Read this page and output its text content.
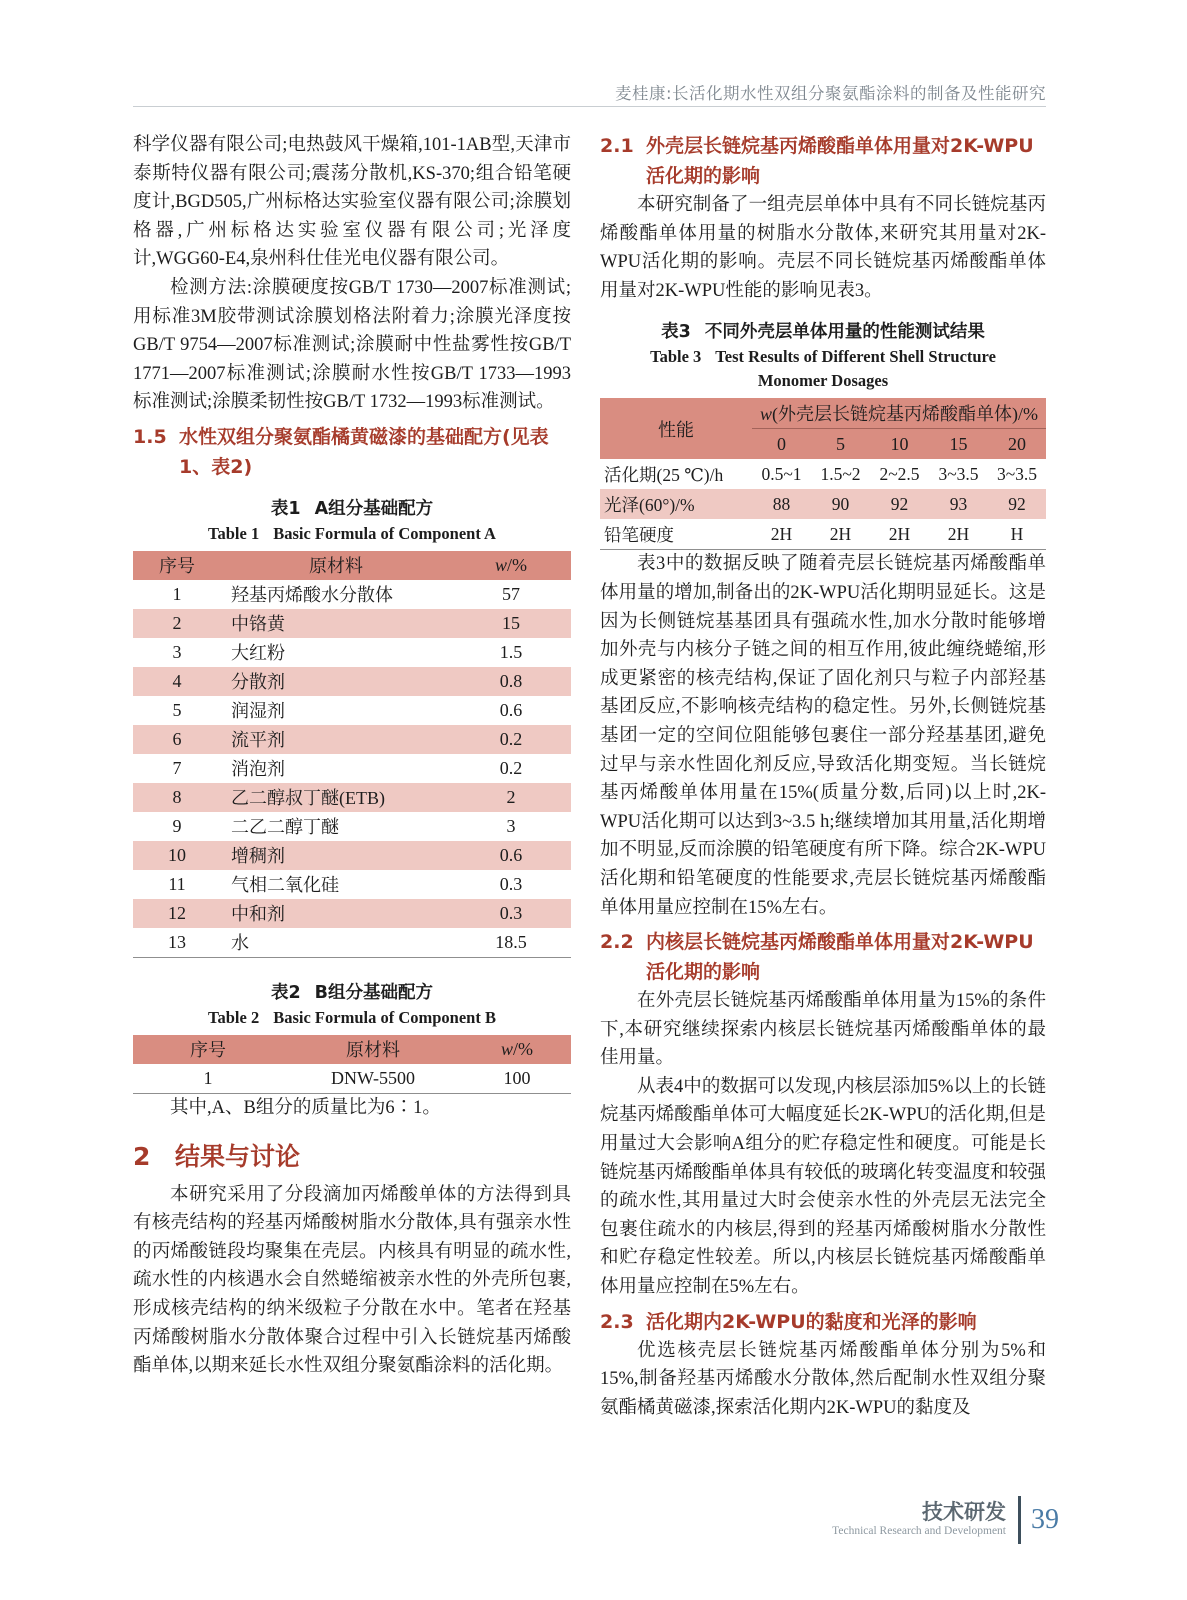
麦桂康:长活化期水性双组分聚氨酯涂料的制备及性能研究

科学仪器有限公司;电热鼓风干燥箱,101-1AB型,天津市泰斯特仪器有限公司;震荡分散机,KS-370;组合铅笔硬度计,BGD505,广州标格达实验室仪器有限公司;涂膜划格器,广州标格达实验室仪器有限公司;光泽度计,WGG60-E4,泉州科仕佳光电仪器有限公司。

检测方法:涂膜硬度按GB/T 1730—2007标准测试;用标准3M胶带测试涂膜划格法附着力;涂膜光泽度按GB/T 9754—2007标准测试;涂膜耐中性盐雾性按GB/T 1771—2007标准测试;涂膜耐水性按GB/T 1733—1993标准测试;涂膜柔韧性按GB/T 1732—1993标准测试。

1.5 水性双组分聚氨酯橘黄磁漆的基础配方(见表1、表2)
表1 A组分基础配方
Table 1 Basic Formula of Component A
序号	原材料	w/%
1	羟基丙烯酸水分散体	57
2	中铬黄	15
3	大红粉	1.5
4	分散剂	0.8
5	润湿剂	0.6
6	流平剂	0.2
7	消泡剂	0.2
8	乙二醇叔丁醚(ETB)	2
9	二乙二醇丁醚	3
10	增稠剂	0.6
11	气相二氧化硅	0.3
12	中和剂	0.3
13	水	18.5
表2 B组分基础配方
Table 2 Basic Formula of Component B
序号	原材料	w/%
1	DNW-5500	100

其中,A、B组分的质量比为6∶1。

2 结果与讨论

本研究采用了分段滴加丙烯酸单体的方法得到具有核壳结构的羟基丙烯酸树脂水分散体,具有强亲水性的丙烯酸链段均聚集在壳层。内核具有明显的疏水性,疏水性的内核遇水会自然蜷缩被亲水性的外壳所包裹,形成核壳结构的纳米级粒子分散在水中。笔者在羟基丙烯酸树脂水分散体聚合过程中引入长链烷基丙烯酸酯单体,以期来延长水性双组分聚氨酯涂料的活化期。

2.1 外壳层长链烷基丙烯酸酯单体用量对2K-WPU活化期的影响

本研究制备了一组壳层单体中具有不同长链烷基丙烯酸酯单体用量的树脂水分散体,来研究其用量对2K-WPU活化期的影响。壳层不同长链烷基丙烯酸酯单体用量对2K-WPU性能的影响见表3。

表3 不同外壳层单体用量的性能测试结果
Table 3 Test Results of Different Shell Structure
Monomer Dosages
性能	w(外壳层长链烷基丙烯酸酯单体)/%				
	0	5	10	15	20
活化期(25 ℃)/h	0.5~1	1.5~2	2~2.5	3~3.5	3~3.5
光泽(60°)/%	88	90	92	93	92
铅笔硬度	2H	2H	2H	2H	H

表3中的数据反映了随着壳层长链烷基丙烯酸酯单体用量的增加,制备出的2K-WPU活化期明显延长。这是因为长侧链烷基基团具有强疏水性,加水分散时能够增加外壳与内核分子链之间的相互作用,彼此缠绕蜷缩,形成更紧密的核壳结构,保证了固化剂只与粒子内部羟基基团反应,不影响核壳结构的稳定性。另外,长侧链烷基基团一定的空间位阻能够包裹住一部分羟基基团,避免过早与亲水性固化剂反应,导致活化期变短。当长链烷基丙烯酸单体用量在15%(质量分数,后同)以上时,2K-WPU活化期可以达到3~3.5 h;继续增加其用量,活化期增加不明显,反而涂膜的铅笔硬度有所下降。综合2K-WPU活化期和铅笔硬度的性能要求,壳层长链烷基丙烯酸酯单体用量应控制在15%左右。

2.2 内核层长链烷基丙烯酸酯单体用量对2K-WPU活化期的影响

在外壳层长链烷基丙烯酸酯单体用量为15%的条件下,本研究继续探索内核层长链烷基丙烯酸酯单体的最佳用量。

从表4中的数据可以发现,内核层添加5%以上的长链烷基丙烯酸酯单体可大幅度延长2K-WPU的活化期,但是用量过大会影响A组分的贮存稳定性和硬度。可能是长链烷基丙烯酸酯单体具有较低的玻璃化转变温度和较强的疏水性,其用量过大时会使亲水性的外壳层无法完全包裹住疏水的内核层,得到的羟基丙烯酸树脂水分散性和贮存稳定性较差。所以,内核层长链烷基丙烯酸酯单体用量应控制在5%左右。

2.3 活化期内2K-WPU的黏度和光泽的影响

优选核壳层长链烷基丙烯酸酯单体分别为5%和15%,制备羟基丙烯酸水分散体,然后配制水性双组分聚氨酯橘黄磁漆,探索活化期内2K-WPU的黏度及

技术研发
Technical Research and Development 39
